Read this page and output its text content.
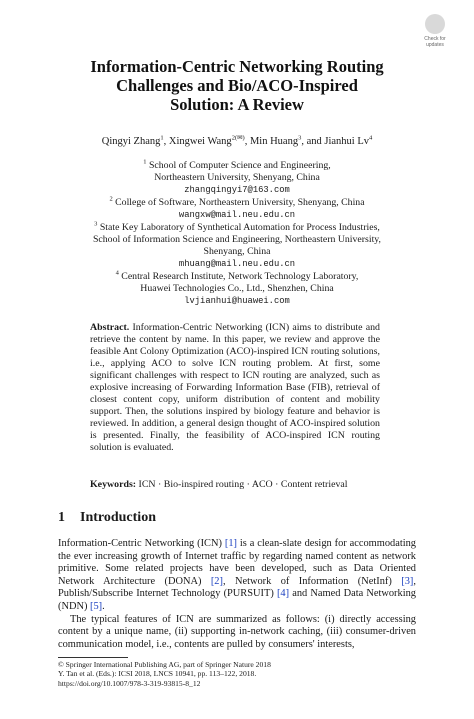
Check for updates
Information-Centric Networking Routing
Challenges and Bio/ACO-Inspired
Solution: A Review
Qingyi Zhang$^1$, Xingwei Wang$^{2(✉)}$, Min Huang$^3$, and Jianhui Lv$^4$
$^1$ School of Computer Science and Engineering,
Northeastern University, Shenyang, China
zhangqingyi7@163.com
$^2$ College of Software, Northeastern University, Shenyang, China
wangxw@mail.neu.edu.cn
$^3$ State Key Laboratory of Synthetical Automation for Process Industries,
School of Information Science and Engineering, Northeastern University,
Shenyang, China
mhuang@mail.neu.edu.cn
$^4$ Central Research Institute, Network Technology Laboratory,
Huawei Technologies Co., Ltd., Shenzhen, China
lvjianhui@huawei.com
Abstract. Information-Centric Networking (ICN) aims to distribute and retrieve the content by name. In this paper, we review and approve the feasible Ant Colony Optimization (ACO)-inspired ICN routing solutions, i.e., applying ACO to solve ICN routing problem. At first, some significant challenges with respect to ICN routing are analyzed, such as explosive increasing of Forwarding Information Base (FIB), retrieval of closest content copy, uniform distribution of content and mobility support. Then, the solutions inspired by biology feature and behavior is reviewed. In addition, a general design thought of ACO-inspired solution is presented. Finally, the feasibility of ACO-inspired ICN routing solution is evaluated.
Keywords: ICN · Bio-inspired routing · ACO · Content retrieval
1 Introduction

Information-Centric Networking (ICN) [1] is a clean-slate design for accommodating the ever increasing growth of Internet traffic by regarding named content as network primitive. Some related projects have been developed, such as Data Oriented Network Architecture (DONA) [2], Network of Information (NetInf) [3], Publish/Subscribe Internet Technology (PURSUIT) [4] and Named Data Networking (NDN) [5].

The typical features of ICN are summarized as follows: (i) directly accessing content by a unique name, (ii) supporting in-network caching, (iii) consumer-driven communication model, i.e., contents are pulled by consumers' interests,

© Springer International Publishing AG, part of Springer Nature 2018
Y. Tan et al. (Eds.): ICSI 2018, LNCS 10941, pp. 113–122, 2018.
https://doi.org/10.1007/978-3-319-93815-8_12
